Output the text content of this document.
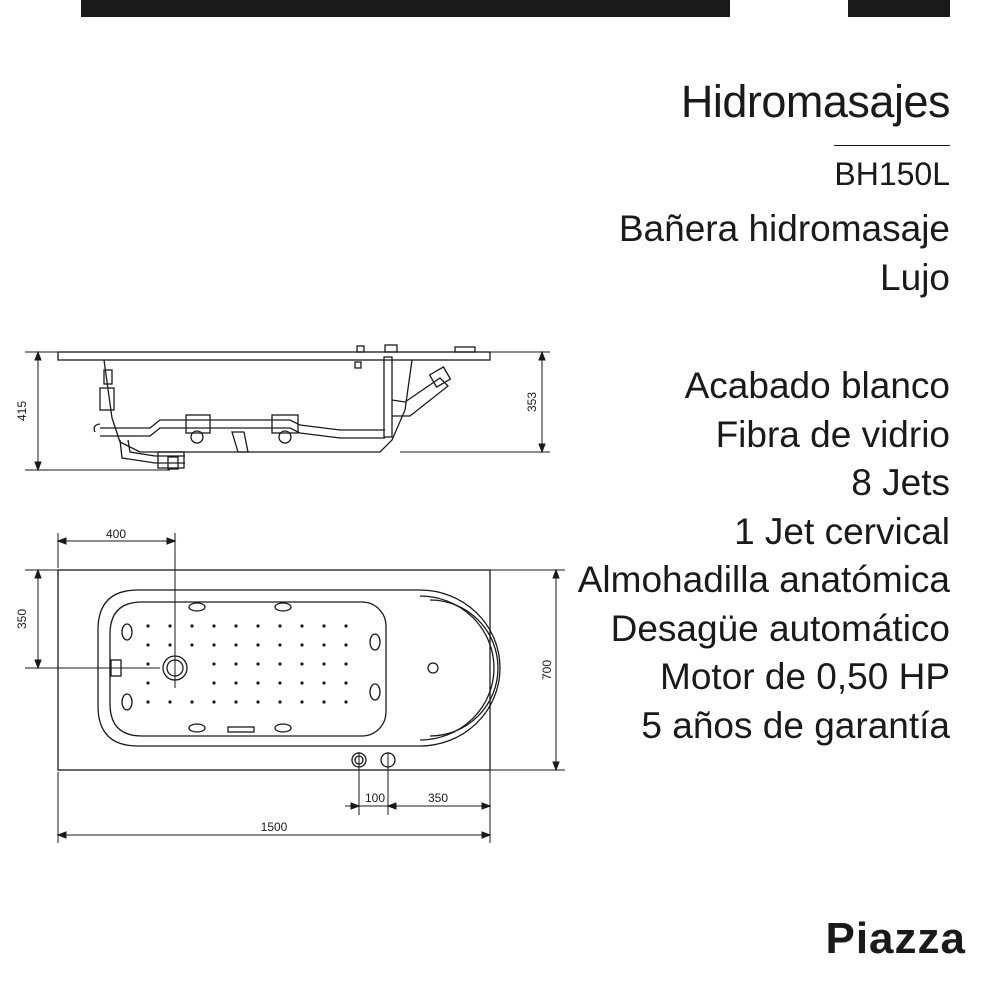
Hidromasajes
BH150L
Bañera hidromasaje
Lujo
Acabado blanco
Fibra de vidrio
8 Jets
1 Jet cervical
Almohadilla anatómica
Desagüe automático
Motor de 0,50 HP
5 años de garantía
415	353
400
350
700
100	350
1500
Piazza
